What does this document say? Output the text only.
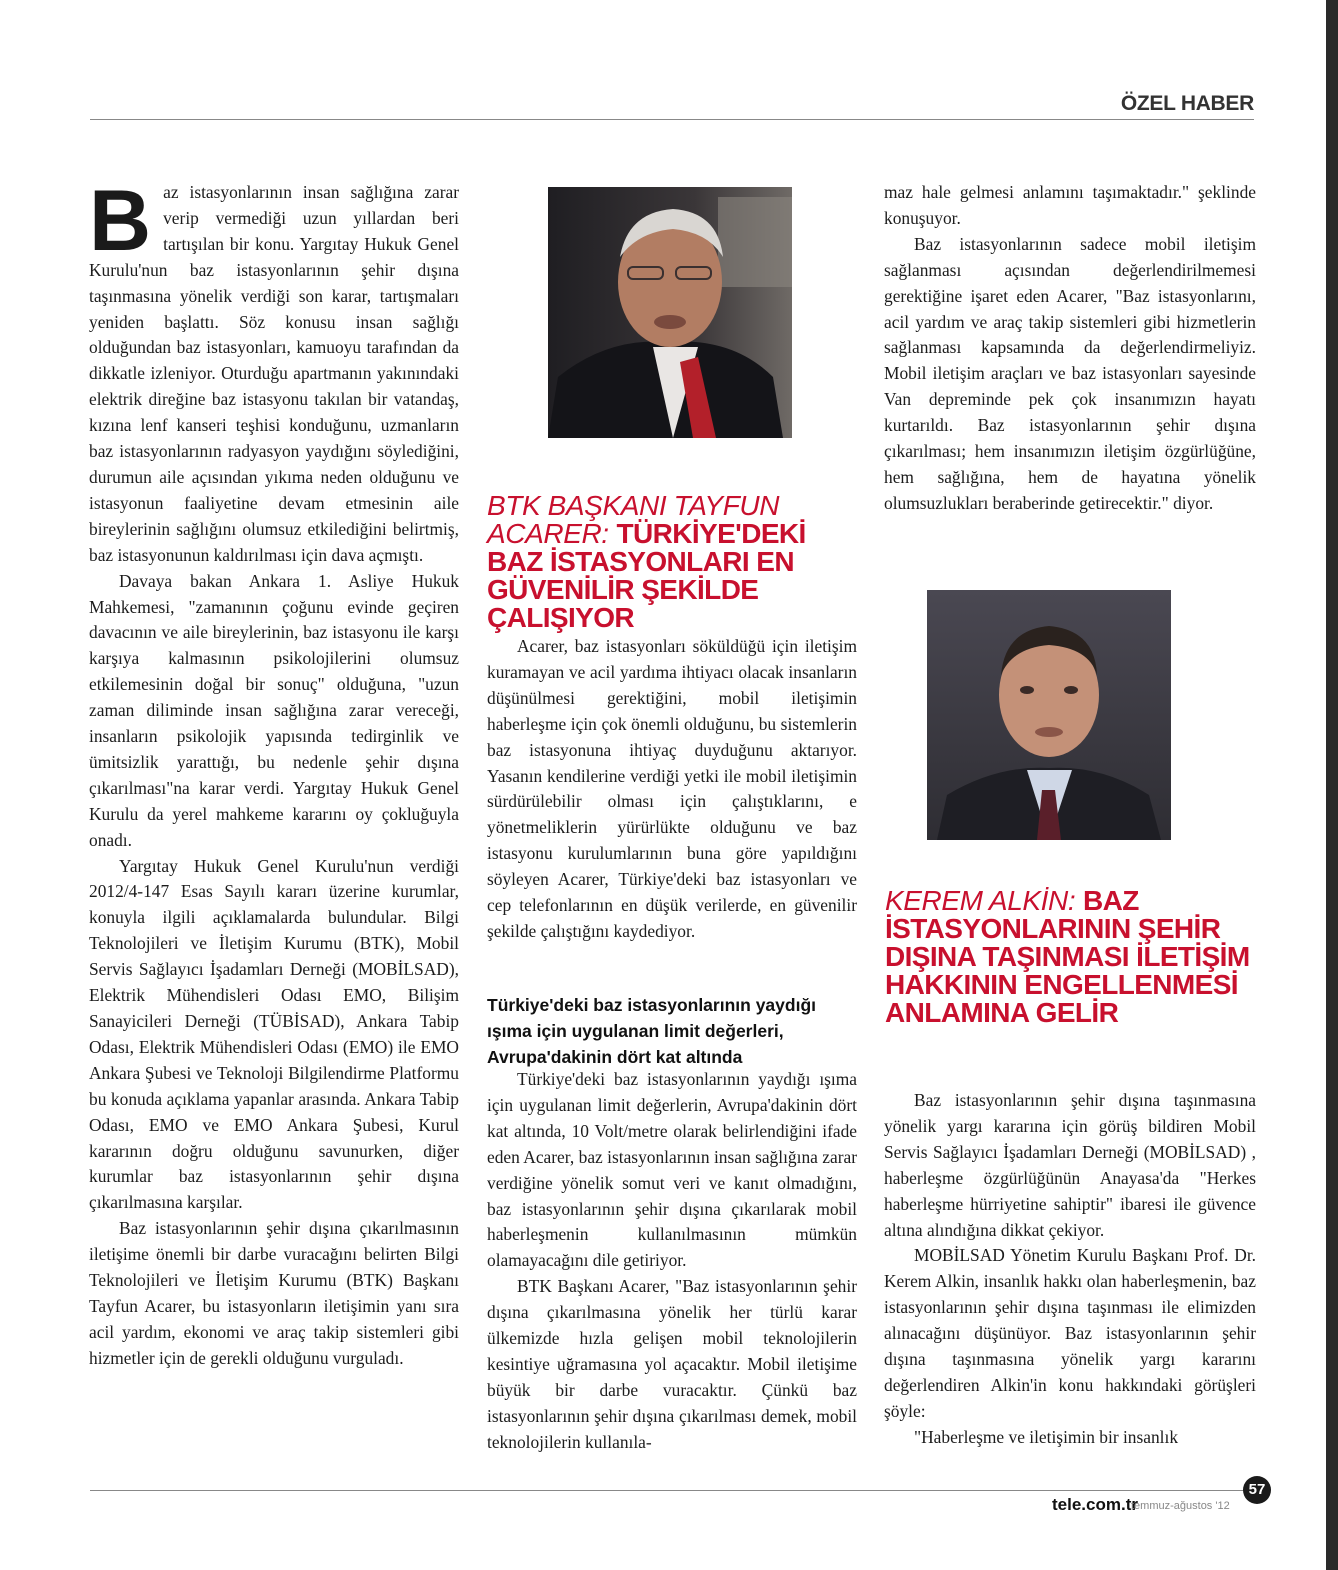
ÖZEL HABER

Baz istasyonlarının insan sağlığına zarar verip vermediği uzun yıllardan beri tartışılan bir konu. Yargıtay Hukuk Genel Kurulu'nun baz istasyonlarının şehir dışına taşınmasına yönelik verdiği son karar, tartışmaları yeniden başlattı. Söz konusu insan sağlığı olduğundan baz istasyonları, kamuoyu tarafından da dikkatle izleniyor. Oturduğu apartmanın yakınındaki elektrik direğine baz istasyonu takılan bir vatandaş, kızına lenf kanseri teşhisi konduğunu, uzmanların baz istasyonlarının radyasyon yaydığını söylediğini, durumun aile açısından yıkıma neden olduğunu ve istasyonun faaliyetine devam etmesinin aile bireylerinin sağlığını olumsuz etkilediğini belirtmiş, baz istasyonunun kaldırılması için dava açmıştı.

Davaya bakan Ankara 1. Asliye Hukuk Mahkemesi, "zamanının çoğunu evinde geçiren davacının ve aile bireylerinin, baz istasyonu ile karşı karşıya kalmasının psikolojilerini olumsuz etkilemesinin doğal bir sonuç" olduğuna, "uzun zaman diliminde insan sağlığına zarar vereceği, insanların psikolojik yapısında tedirginlik ve ümitsizlik yarattığı, bu nedenle şehir dışına çıkarılması"na karar verdi. Yargıtay Hukuk Genel Kurulu da yerel mahkeme kararını oy çokluğuyla onadı.

Yargıtay Hukuk Genel Kurulu'nun verdiği 2012/4-147 Esas Sayılı kararı üzerine kurumlar, konuyla ilgili açıklamalarda bulundular. Bilgi Teknolojileri ve İletişim Kurumu (BTK), Mobil Servis Sağlayıcı İşadamları Derneği (MOBİLSAD), Elektrik Mühendisleri Odası EMO, Bilişim Sanayicileri Derneği (TÜBİSAD), Ankara Tabip Odası, Elektrik Mühendisleri Odası (EMO) ile EMO Ankara Şubesi ve Teknoloji Bilgilendirme Platformu bu konuda açıklama yapanlar arasında. Ankara Tabip Odası, EMO ve EMO Ankara Şubesi, Kurul kararının doğru olduğunu savunurken, diğer kurumlar baz istasyonlarının şehir dışına çıkarılmasına karşılar.

Baz istasyonlarının şehir dışına çıkarılmasının iletişime önemli bir darbe vuracağını belirten Bilgi Teknolojileri ve İletişim Kurumu (BTK) Başkanı Tayfun Acarer, bu istasyonların iletişimin yanı sıra acil yardım, ekonomi ve araç takip sistemleri gibi hizmetler için de gerekli olduğunu vurguladı.

BTK BAŞKANI TAYFUN ACARER: TÜRKİYE'DEKİ BAZ İSTASYONLARI EN GÜVENİLİR ŞEKİLDE ÇALIŞIYOR

Acarer, baz istasyonları söküldüğü için iletişim kuramayan ve acil yardıma ihtiyacı olacak insanların düşünülmesi gerektiğini, mobil iletişimin haberleşme için çok önemli olduğunu, bu sistemlerin baz istasyonuna ihtiyaç duyduğunu aktarıyor. Yasanın kendilerine verdiği yetki ile mobil iletişimin sürdürülebilir olması için çalıştıklarını, e yönetmeliklerin yürürlükte olduğunu ve baz istasyonu kurulumlarının buna göre yapıldığını söyleyen Acarer, Türkiye'deki baz istasyonları ve cep telefonlarının en düşük verilerde, en güvenilir şekilde çalıştığını kaydediyor.

Türkiye'deki baz istasyonlarının yaydığı ışıma için uygulanan limit değerleri, Avrupa'dakinin dört kat altında

Türkiye'deki baz istasyonlarının yaydığı ışıma için uygulanan limit değerlerin, Avrupa'dakinin dört kat altında, 10 Volt/metre olarak belirlendiğini ifade eden Acarer, baz istasyonlarının insan sağlığına zarar verdiğine yönelik somut veri ve kanıt olmadığını, baz istasyonlarının şehir dışına çıkarılarak mobil haberleşmenin kullanılmasının mümkün olamayacağını dile getiriyor.

BTK Başkanı Acarer, "Baz istasyonlarının şehir dışına çıkarılmasına yönelik her türlü karar ülkemizde hızla gelişen mobil teknolojilerin kesintiye uğramasına yol açacaktır. Mobil iletişime büyük bir darbe vuracaktır. Çünkü baz istasyonlarının şehir dışına çıkarılması demek, mobil teknolojilerin kullanıla-

maz hale gelmesi anlamını taşımaktadır." şeklinde konuşuyor.

Baz istasyonlarının sadece mobil iletişim sağlanması açısından değerlendirilmemesi gerektiğine işaret eden Acarer, "Baz istasyonlarını, acil yardım ve araç takip sistemleri gibi hizmetlerin sağlanması kapsamında da değerlendirmeliyiz. Mobil iletişim araçları ve baz istasyonları sayesinde Van depreminde pek çok insanımızın hayatı kurtarıldı. Baz istasyonlarının şehir dışına çıkarılması; hem insanımızın iletişim özgürlüğüne, hem sağlığına, hem de hayatına yönelik olumsuzlukları beraberinde getirecektir." diyor.

KEREM ALKİN: BAZ İSTASYONLARININ ŞEHİR DIŞINA TAŞINMASI İLETİŞİM HAKKININ ENGELLENMESİ ANLAMINA GELİR

Baz istasyonlarının şehir dışına taşınmasına yönelik yargı kararına için görüş bildiren Mobil Servis Sağlayıcı İşadamları Derneği (MOBİLSAD) , haberleşme özgürlüğünün Anayasa'da "Herkes haberleşme hürriyetine sahiptir" ibaresi ile güvence altına alındığına dikkat çekiyor.

MOBİLSAD Yönetim Kurulu Başkanı Prof. Dr. Kerem Alkin, insanlık hakkı olan haberleşmenin, baz istasyonlarının şehir dışına taşınması ile elimizden alınacağını düşünüyor. Baz istasyonlarının şehir dışına taşınmasına yönelik yargı kararını değerlendiren Alkin'in konu hakkındaki görüşleri şöyle:

"Haberleşme ve iletişimin bir insanlık

57
tele.com.tr
temmuz-ağustos '12
